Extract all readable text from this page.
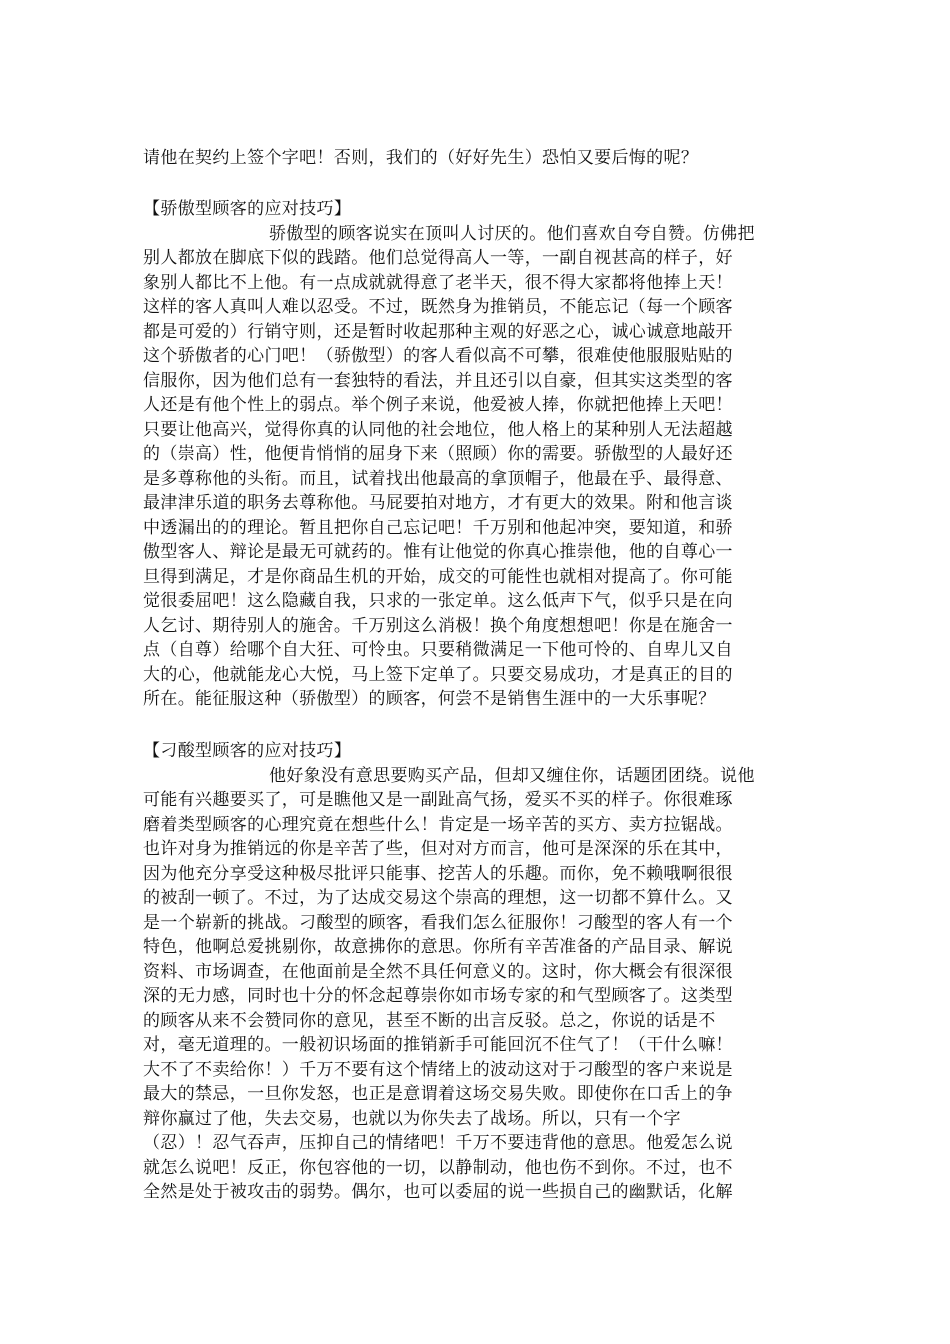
请他在契约上签个字吧！否则，我们的（好好先生）恐怕又要后悔的呢？
【骄傲型顾客的应对技巧】
骄傲型的顾客说实在顶叫人讨厌的。他们喜欢自夸自赞。仿佛把
别人都放在脚底下似的践踏。他们总觉得高人一等，一副自视甚高的样子，好
象别人都比不上他。有一点成就就得意了老半天，很不得大家都将他捧上天！
这样的客人真叫人难以忍受。不过，既然身为推销员，不能忘记（每一个顾客
都是可爱的）行销守则，还是暂时收起那种主观的好恶之心，诚心诚意地敲开
这个骄傲者的心门吧！（骄傲型）的客人看似高不可攀，很难使他服服贴贴的
信服你，因为他们总有一套独特的看法，并且还引以自豪，但其实这类型的客
人还是有他个性上的弱点。举个例子来说，他爱被人捧，你就把他捧上天吧！
只要让他高兴，觉得你真的认同他的社会地位，他人格上的某种别人无法超越
的（崇高）性，他便肯悄悄的屈身下来（照顾）你的需要。骄傲型的人最好还
是多尊称他的头衔。而且，试着找出他最高的拿顶帽子，他最在乎、最得意、
最津津乐道的职务去尊称他。马屁要拍对地方，才有更大的效果。附和他言谈
中透漏出的的理论。暂且把你自己忘记吧！千万别和他起冲突，要知道，和骄
傲型客人、辩论是最无可就药的。惟有让他觉的你真心推崇他，他的自尊心一
旦得到满足，才是你商品生机的开始，成交的可能性也就相对提高了。你可能
觉很委屈吧！这么隐藏自我，只求的一张定单。这么低声下气，似乎只是在向
人乞讨、期待别人的施舍。千万别这么消极！换个角度想想吧！你是在施舍一
点（自尊）给哪个自大狂、可怜虫。只要稍微满足一下他可怜的、自卑儿又自
大的心，他就能龙心大悦，马上签下定单了。只要交易成功，才是真正的目的
所在。能征服这种（骄傲型）的顾客，何尝不是销售生涯中的一大乐事呢？
【刁酸型顾客的应对技巧】
他好象没有意思要购买产品，但却又缠住你，话题团团绕。说他
可能有兴趣要买了，可是瞧他又是一副趾高气扬，爱买不买的样子。你很难琢
磨着类型顾客的心理究竟在想些什么！肯定是一场辛苦的买方、卖方拉锯战。
也许对身为推销远的你是辛苦了些，但对对方而言，他可是深深的乐在其中，
因为他充分享受这种极尽批评只能事、挖苦人的乐趣。而你，免不赖哦啊很很
的被刮一顿了。不过，为了达成交易这个崇高的理想，这一切都不算什么。又
是一个崭新的挑战。刁酸型的顾客，看我们怎么征服你！刁酸型的客人有一个
特色，他啊总爱挑剔你，故意拂你的意思。你所有辛苦准备的产品目录、解说
资料、市场调查，在他面前是全然不具任何意义的。这时，你大概会有很深很
深的无力感，同时也十分的怀念起尊崇你如市场专家的和气型顾客了。这类型
的顾客从来不会赞同你的意见，甚至不断的出言反驳。总之，你说的话是不
对，毫无道理的。一般初识场面的推销新手可能回沉不住气了！（干什么嘛！
大不了不卖给你！）千万不要有这个情绪上的波动这对于刁酸型的客户来说是
最大的禁忌，一旦你发怒，也正是意谓着这场交易失败。即使你在口舌上的争
辩你赢过了他，失去交易，也就以为你失去了战场。所以，只有一个字
（忍）！忍气吞声，压抑自己的情绪吧！千万不要违背他的意思。他爱怎么说
就怎么说吧！反正，你包容他的一切，以静制动，他也伤不到你。不过，也不
全然是处于被攻击的弱势。偶尔，也可以委屈的说一些损自己的幽默话，化解
